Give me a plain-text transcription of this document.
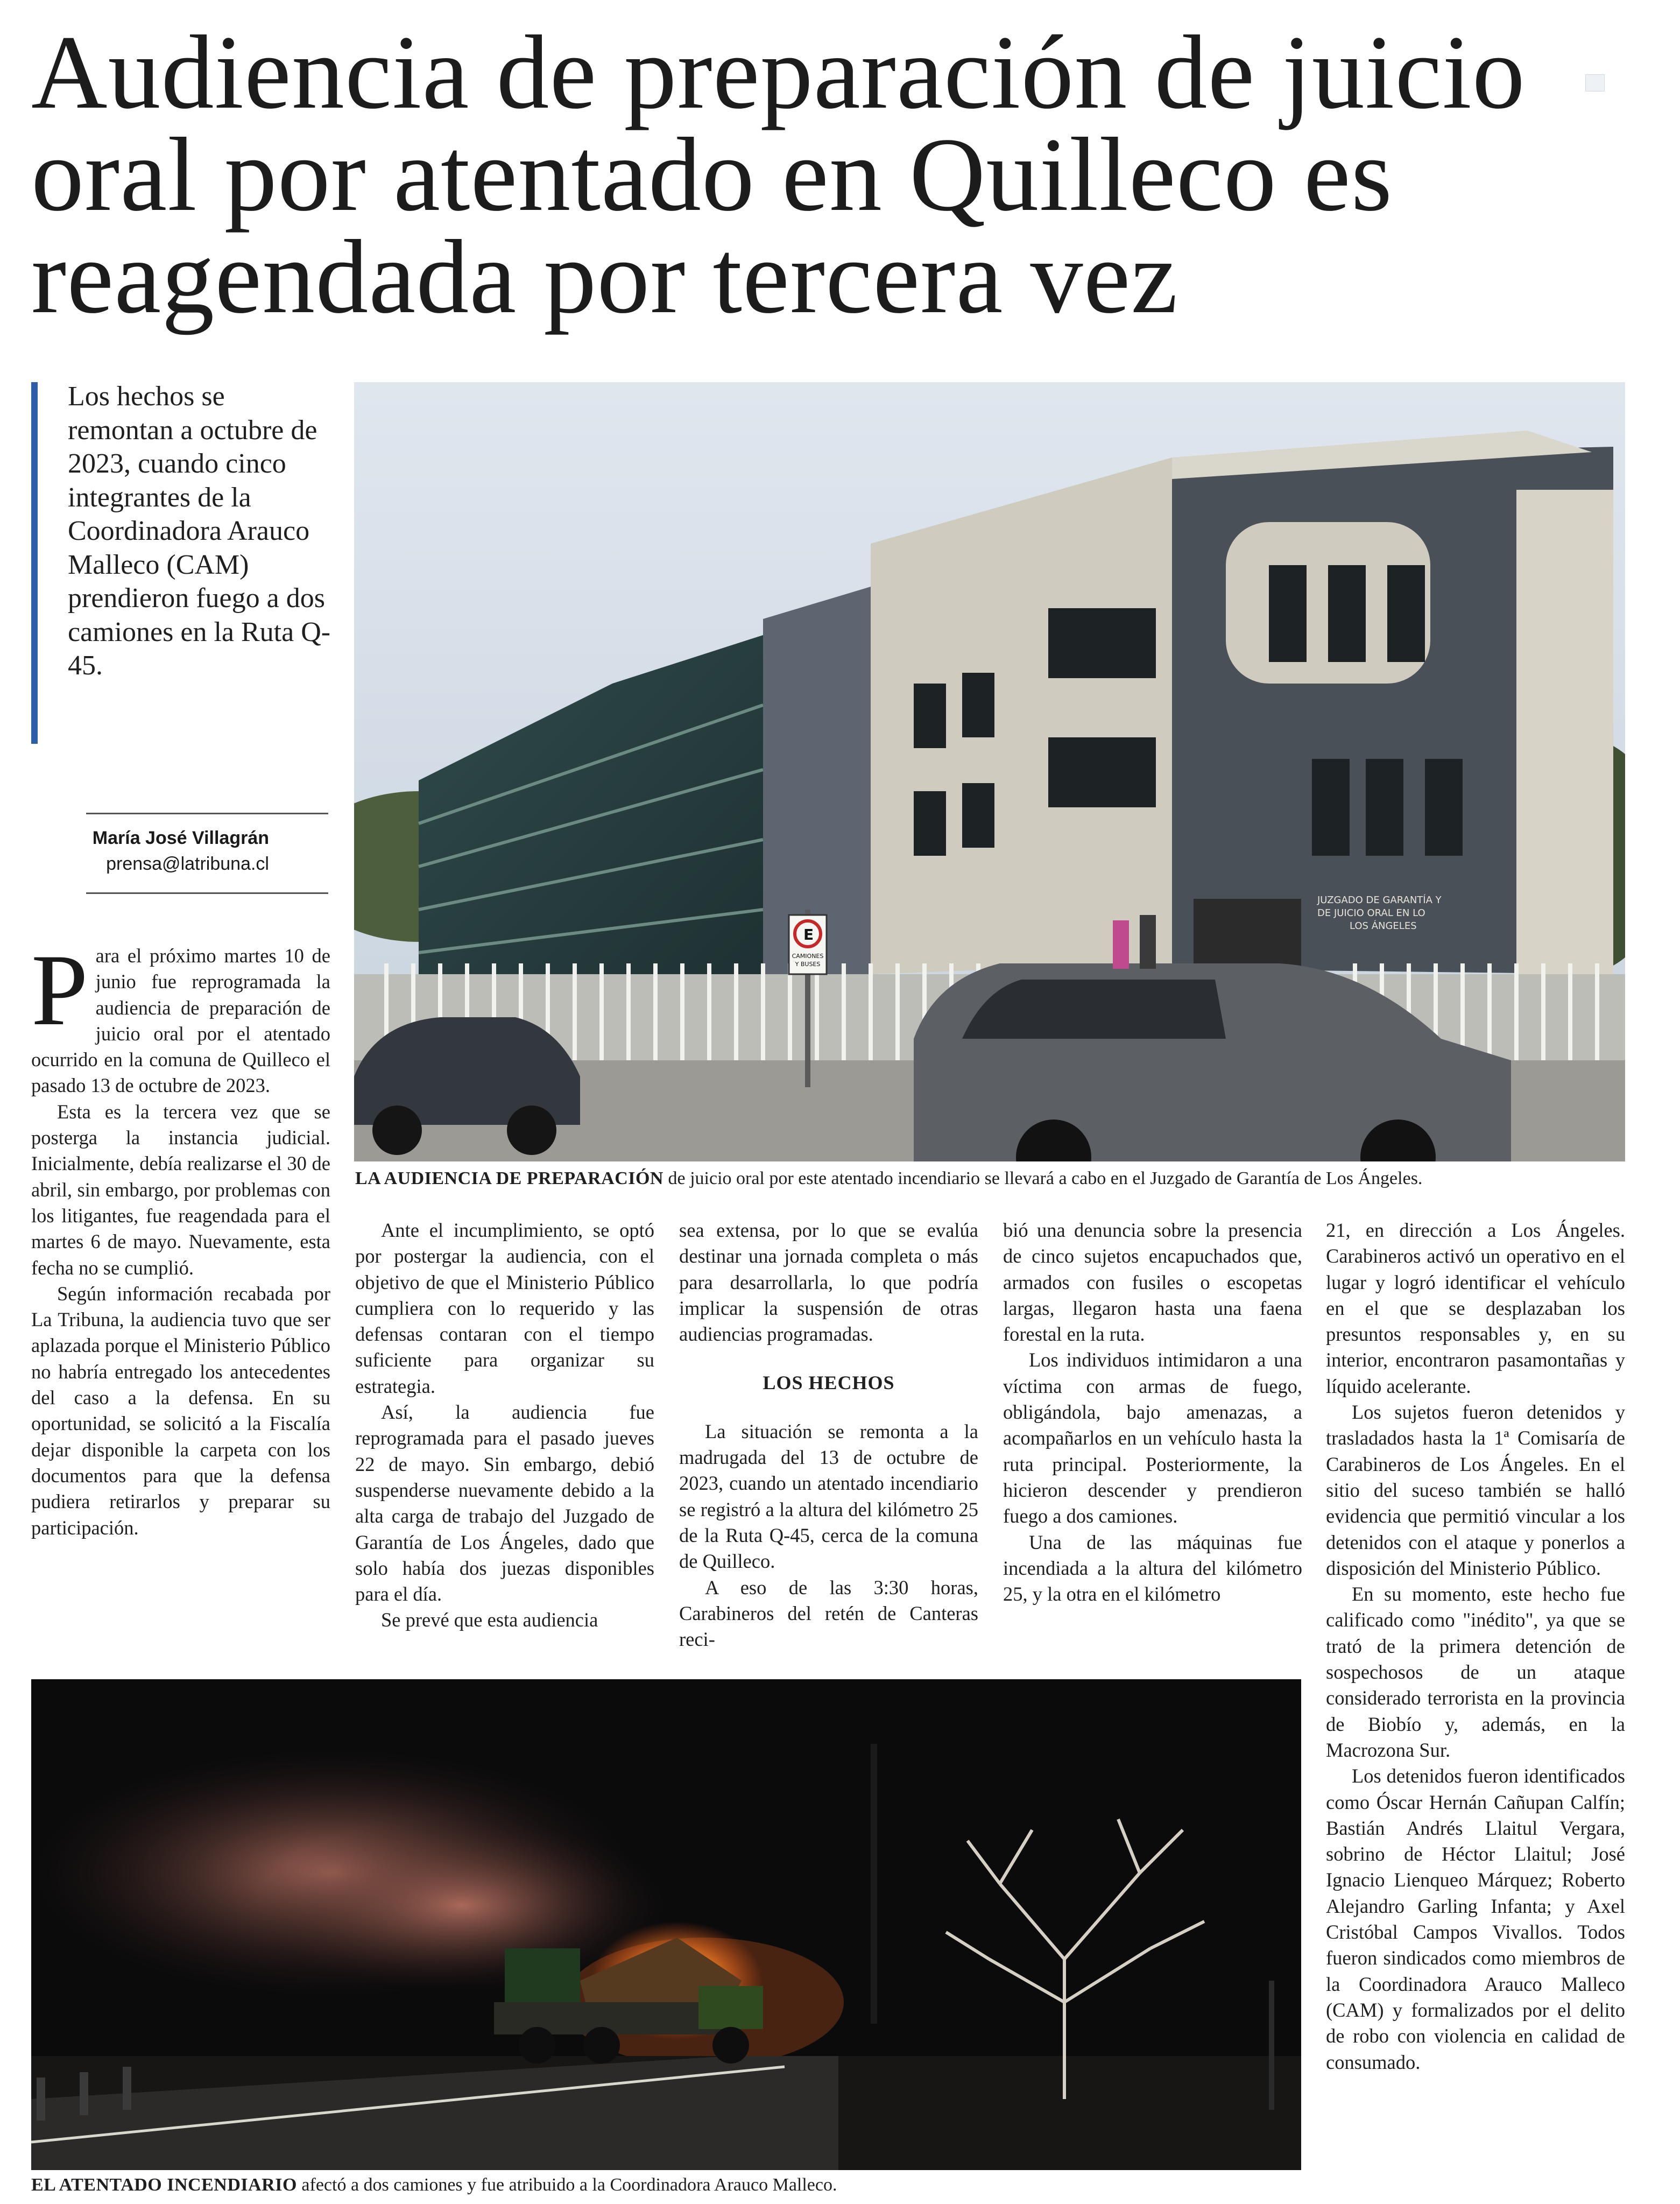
Audiencia de preparación de juicio oral por atentado en Quilleco es reagendada por tercera vez
Los hechos se remontan a octubre de 2023, cuando cinco integrantes de la Coordinadora Arauco Malleco (CAM) prendieron fuego a dos camiones en la Ruta Q-45.
María José Villagrán
prensa@latribuna.cl
JUZGADO DE GARANTÍA Y
DE JUICIO ORAL EN LO
LOS ÁNGELES
E
CAMIONES
Y BUSES
LA AUDIENCIA DE PREPARACIÓN de juicio oral por este atentado incendiario se llevará a cabo en el Juzgado de Garantía de Los Ángeles.

Para el próximo martes 10 de junio fue reprogramada la audiencia de preparación de juicio oral por el atentado ocurrido en la comuna de Quilleco el pasado 13 de octubre de 2023.

Esta es la tercera vez que se posterga la instancia judicial. Inicialmente, debía realizarse el 30 de abril, sin embargo, por problemas con los litigantes, fue reagendada para el martes 6 de mayo. Nuevamente, esta fecha no se cumplió.

Según información recabada por La Tribuna, la audiencia tuvo que ser aplazada porque el Ministerio Público no habría entregado los antecedentes del caso a la defensa. En su oportunidad, se solicitó a la Fiscalía dejar disponible la carpeta con los documentos para que la defensa pudiera retirarlos y preparar su participación.

Ante el incumplimiento, se optó por postergar la audiencia, con el objetivo de que el Ministerio Público cumpliera con lo requerido y las defensas contaran con el tiempo suficiente para organizar su estrategia.

Así, la audiencia fue reprogramada para el pasado jueves 22 de mayo. Sin embargo, debió suspenderse nuevamente debido a la alta carga de trabajo del Juzgado de Garantía de Los Ángeles, dado que solo había dos juezas disponibles para el día.

Se prevé que esta audiencia

sea extensa, por lo que se evalúa destinar una jornada completa o más para desarrollarla, lo que podría implicar la suspensión de otras audiencias programadas.

LOS HECHOS

La situación se remonta a la madrugada del 13 de octubre de 2023, cuando un atentado incendiario se registró a la altura del kilómetro 25 de la Ruta Q-45, cerca de la comuna de Quilleco.

A eso de las 3:30 horas, Carabineros del retén de Canteras reci-

bió una denuncia sobre la presencia de cinco sujetos encapuchados que, armados con fusiles o escopetas largas, llegaron hasta una faena forestal en la ruta.

Los individuos intimidaron a una víctima con armas de fuego, obligándola, bajo amenazas, a acompañarlos en un vehículo hasta la ruta principal. Posteriormente, la hicieron descender y prendieron fuego a dos camiones.

Una de las máquinas fue incendiada a la altura del kilómetro 25, y la otra en el kilómetro

21, en dirección a Los Ángeles. Carabineros activó un operativo en el lugar y logró identificar el vehículo en el que se desplazaban los presuntos responsables y, en su interior, encontraron pasamontañas y líquido acelerante.

Los sujetos fueron detenidos y trasladados hasta la 1ª Comisaría de Carabineros de Los Ángeles. En el sitio del suceso también se halló evidencia que permitió vincular a los detenidos con el ataque y ponerlos a disposición del Ministerio Público.

En su momento, este hecho fue calificado como "inédito", ya que se trató de la primera detención de sospechosos de un ataque considerado terrorista en la provincia de Biobío y, además, en la Macrozona Sur.

Los detenidos fueron identificados como Óscar Hernán Cañupan Calfín; Bastián Andrés Llaitul Vergara, sobrino de Héctor Llaitul; José Ignacio Lienqueo Márquez; Roberto Alejandro Garling Infanta; y Axel Cristóbal Campos Vivallos. Todos fueron sindicados como miembros de la Coordinadora Arauco Malleco (CAM) y formalizados por el delito de robo con violencia en calidad de consumado.

EL ATENTADO INCENDIARIO afectó a dos camiones y fue atribuido a la Coordinadora Arauco Malleco.
